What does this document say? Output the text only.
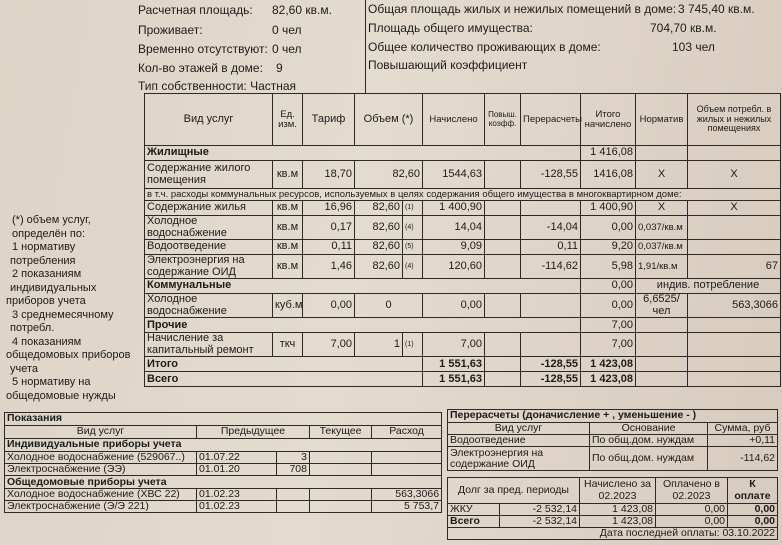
Расчетная площадь: 82,60 кв.м.
Проживает:	0 чел
Временно отсутствуют: 0 чел
Кол-во этажей в доме: 9
Тип собственности: Частная
Общая площадь жилых и нежилых помещений в доме: 3 745,40 кв.м.
Площадь общего имущества:	704,70 кв.м.
Общее количество проживающих в доме:	103 чел
Повышающий коэффициент
(*) объем услуг,
определён по:
1 нормативу
потребления
2 показаниям
индивидуальных
приборов учета
3 среднемесячному
потребл.
4 показаниям
общедомовых приборов
учета
5 нормативу на
общедомовые нужды
Вид услуг	Ед. изм.	Тариф	Объем (*)		Начислено	Повыш. коэфф.	Перерасчеты	Итого начислено	Норматив	Объем потребл. в жилых и нежилых помещениях
Жилищные								1 416,08		
Содержание жилого помещения	кв.м	18,70	82,60		1544,63		-128,55	1416,08	X	X
в т.ч. расходы коммунальных ресурсов, используемых в целях содержания общего имущества в многоквартирном доме:										
Содержание жилья	кв.м	16,96	82,60	(1)	1 400,90			1 400,90	X	X
Холодное водоснабжение	кв.м	0,17	82,60	(4)	14,04		-14,04	0,00	0,037/кв.м	
Водоотведение	кв.м	0,11	82,60	(5)	9,09		0,11	9,20	0,037/кв.м	
Электроэнергия на содержание ОИД	кв.м	1,46	82,60	(4)	120,60		-114,62	5,98	1,91/кв.м	67
Коммунальные								0,00	индив. потребление	
Холодное водоснабжение	куб.м	0,00	0		0,00			0,00	6,6525/чел	563,3066
Прочие								7,00		
Начисление за капитальный ремонт	ткч	7,00	1	(1)	7,00			7,00		
Итого					1 551,63		-128,55	1 423,08		
Всего					1 551,63		-128,55	1 423,08		
Показания				
Вид услуг	Предыдущее		Текущее	Расход
Индивидуальные приборы учета				
Холодное водоснабжение (529067..)	01.07.22	3		
Электроснабжение (ЭЭ)	01.01.20	708		
Общедомовые приборы учета				
Холодное водоснабжение (ХВС 22)	01.02.23			563,3066
Электроснабжение (Э/Э 221)	01.02.23			5 753,7
Перерасчеты (доначисление + , уменьшение - )		
Вид услуг	Основание	Сумма, руб
Водоотведение	По общ.дом. нуждам	+0,11
Электроэнергия на содержание ОИД	По общ.дом. нуждам	-114,62
Долг за пред. периоды		Начислено за 02.2023	Оплачено в 02.2023	К оплате
ЖКУ	-2 532,14	1 423,08	0,00	0,00
Всего	-2 532,14	1 423,08	0,00	0,00
Дата последней оплаты: 03.10.2022				
